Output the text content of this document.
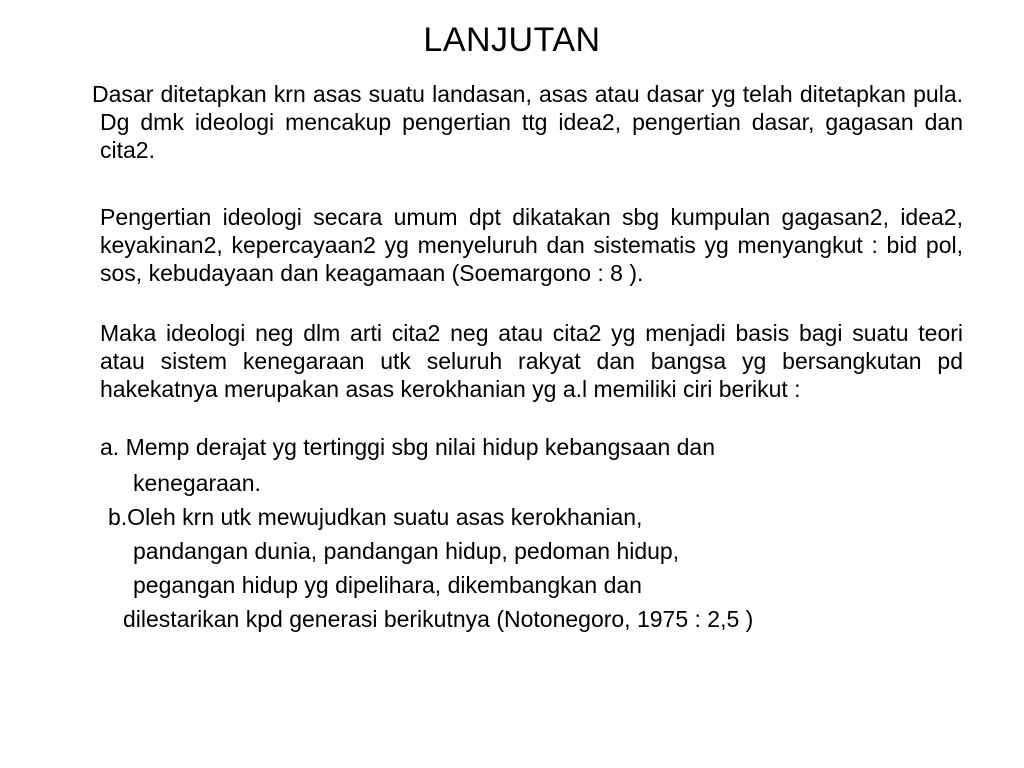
LANJUTAN

Dasar ditetapkan krn asas suatu landasan, asas atau dasar yg telah ditetapkan pula. Dg dmk ideologi mencakup pengertian ttg idea2, pengertian dasar, gagasan dan cita2.

Pengertian ideologi secara umum dpt dikatakan sbg kumpulan gagasan2, idea2, keyakinan2, kepercayaan2 yg menyeluruh dan sistematis yg menyangkut : bid pol, sos, kebudayaan dan keagamaan (Soemargono : 8 ).

Maka ideologi neg dlm arti cita2 neg atau cita2 yg menjadi basis bagi suatu teori atau sistem kenegaraan utk seluruh rakyat dan bangsa yg bersangkutan pd hakekatnya merupakan asas kerokhanian yg a.l memiliki ciri berikut :

a. Memp derajat yg tertinggi sbg nilai hidup kebangsaan dan
kenegaraan.
b.Oleh krn utk mewujudkan suatu asas kerokhanian,
pandangan dunia, pandangan hidup, pedoman hidup,
pegangan hidup yg dipelihara, dikembangkan dan
dilestarikan kpd generasi berikutnya (Notonegoro, 1975 : 2,5 )
